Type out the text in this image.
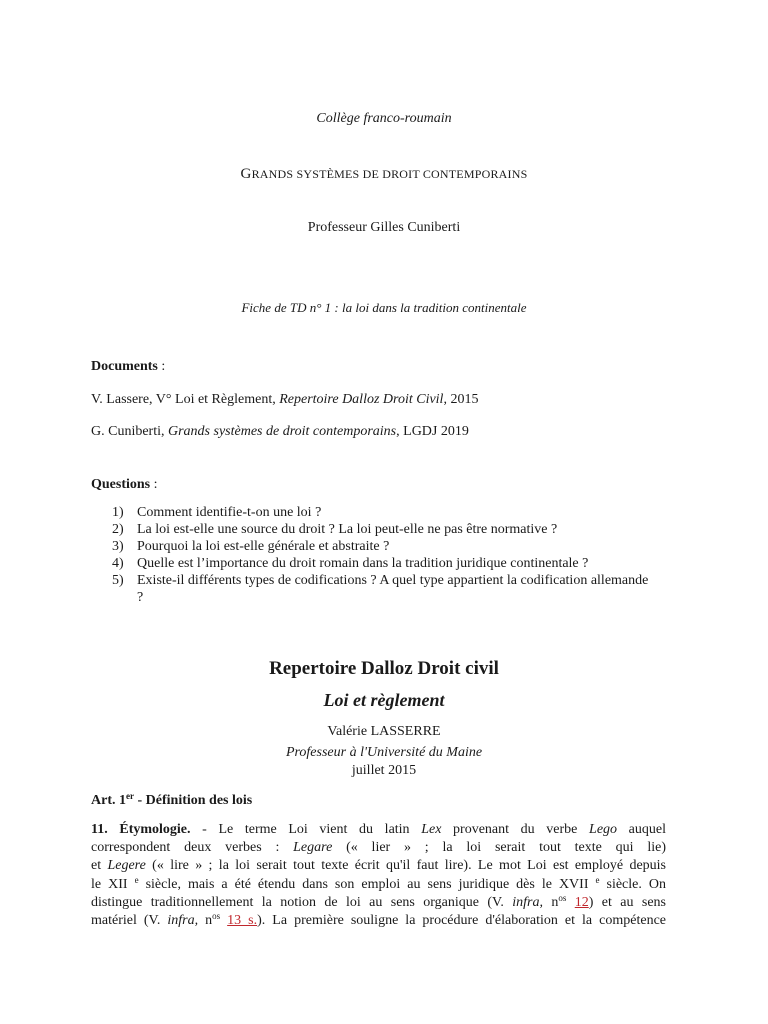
Collège franco-roumain
GRANDS SYSTÈMES DE DROIT CONTEMPORAINS
Professeur Gilles Cuniberti
Fiche de TD n° 1 : la loi dans la tradition continentale
Documents :
V. Lassere, V° Loi et Règlement, Repertoire Dalloz Droit Civil, 2015
G. Cuniberti, Grands systèmes de droit contemporains, LGDJ 2019
Questions :
1) Comment identifie-t-on une loi ?
2) La loi est-elle une source du droit ? La loi peut-elle ne pas être normative ?
3) Pourquoi la loi est-elle générale et abstraite ?
4) Quelle est l’importance du droit romain dans la tradition juridique continentale ?
5) Existe-il différents types de codifications ? A quel type appartient la codification allemande ?
Repertoire Dalloz Droit civil
Loi et règlement
Valérie LASSERRE
Professeur à l'Université du Maine
juillet 2015
Art. 1er - Définition des lois
11. Étymologie. - Le terme Loi vient du latin Lex provenant du verbe Lego auquel
correspondent deux verbes : Legare (« lier » ; la loi serait tout texte qui lie)
et Legere (« lire » ; la loi serait tout texte écrit qu'il faut lire). Le mot Loi est employé depuis
le XII $^e$ siècle, mais a été étendu dans son emploi au sens juridique dès le XVII $^e$ siècle. On
distingue traditionnellement la notion de loi au sens organique (V. infra, $n^{os}$ 12) et au sens
matériel (V. infra, $n^{os}$ 13 s.). La première souligne la procédure d'élaboration et la compétence
